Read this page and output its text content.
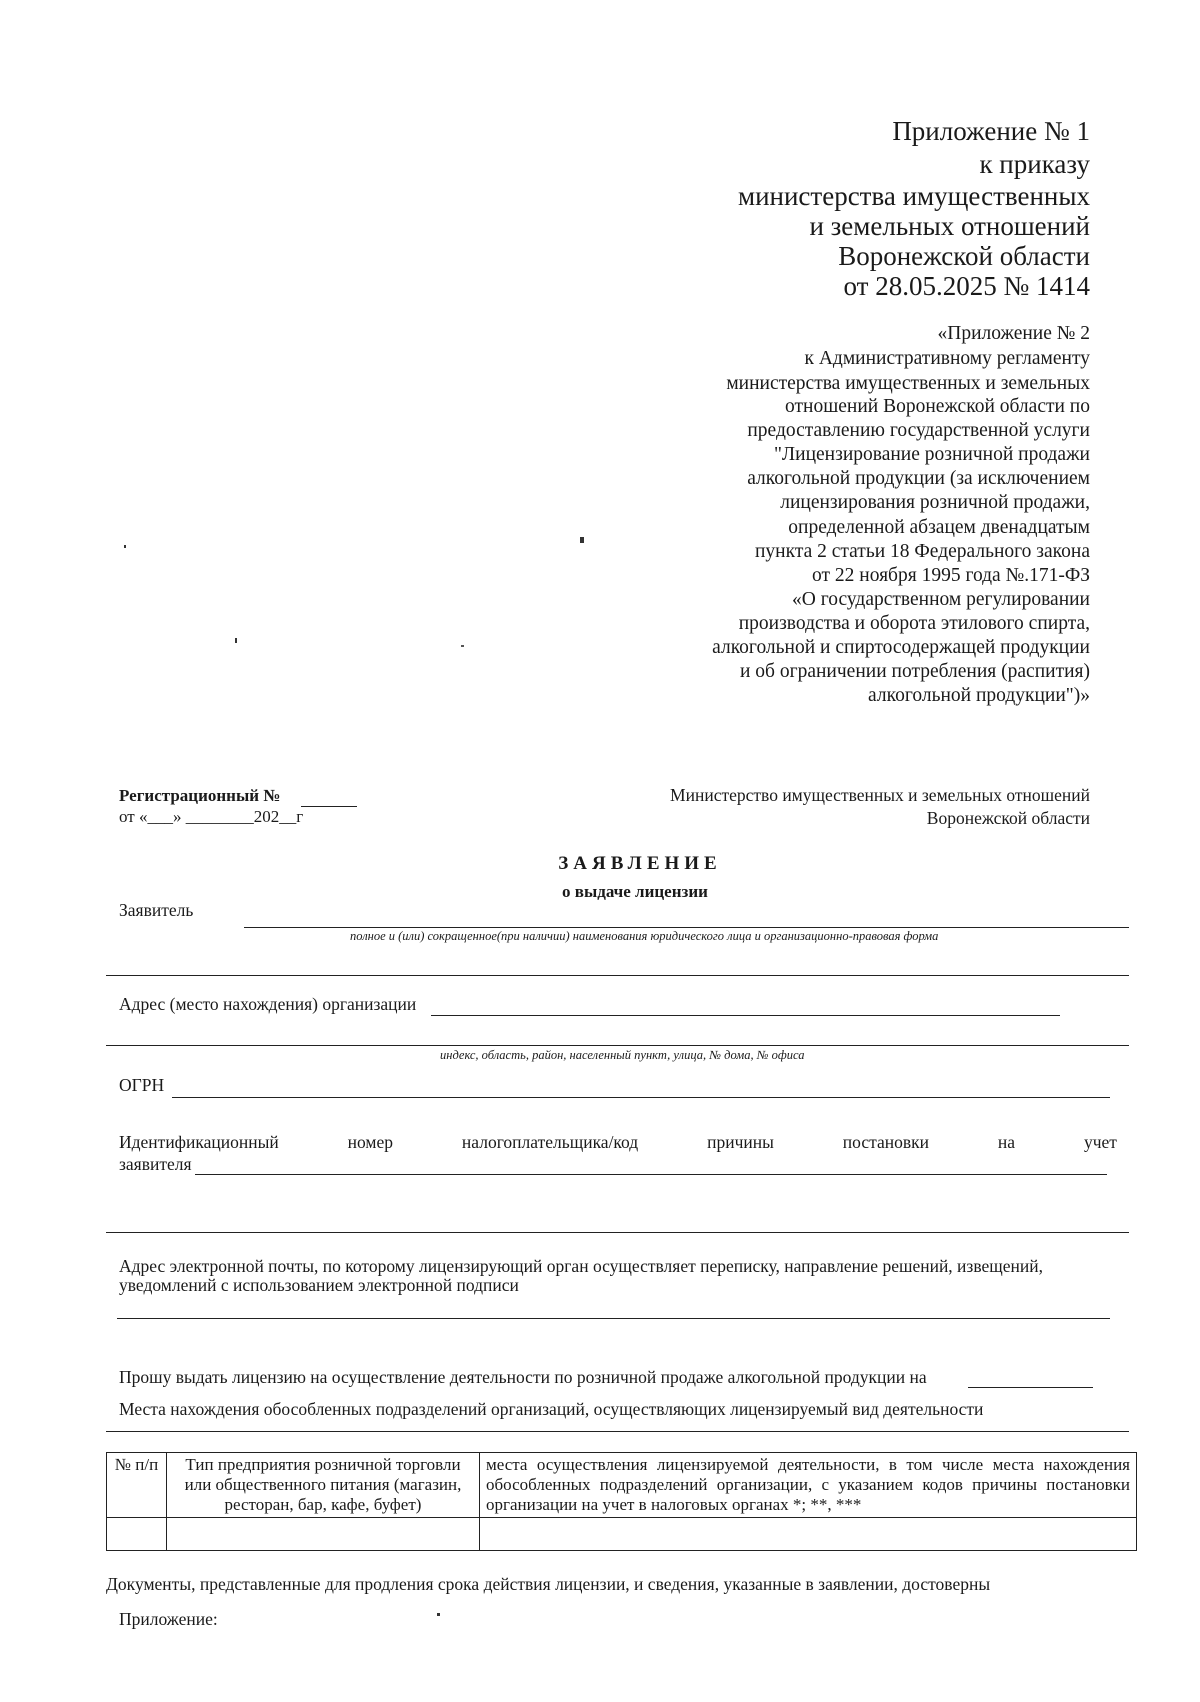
Приложение № 1
к приказу
министерства имущественных
и земельных отношений
Воронежской области
от 28.05.2025 № 1414
«Приложение № 2
к Административному регламенту
министерства имущественных и земельных
отношений Воронежской области по
предоставлению государственной услуги
"Лицензирование розничной продажи
алкогольной продукции (за исключением
лицензирования розничной продажи,
определенной абзацем двенадцатым
пункта 2 статьи 18 Федерального закона
от 22 ноября 1995 года №.171-ФЗ
«О государственном регулировании
производства и оборота этилового спирта,
алкогольной и спиртосодержащей продукции
и об ограничении потребления (распития)
алкогольной продукции")»
Регистрационный №
от «___» ________202__г
Министерство имущественных и земельных отношений
Воронежской области
ЗАЯВЛЕНИЕ
о выдаче лицензии
Заявитель
полное и (или) сокращенное(при наличии) наименования юридического лица и организационно-правовая форма
Адрес (место нахождения) организации
индекс, область, район, населенный пункт, улица, № дома, № офиса
ОГРН
Идентификационный	номер	налогоплательщика/код	причины	постановки	на	учет
заявителя
Адрес электронной почты, по которому лицензирующий орган осуществляет переписку, направление решений, извещений,
уведомлений с использованием электронной подписи
Прошу выдать лицензию на осуществление деятельности по розничной продаже алкогольной продукции на
Места нахождения обособленных подразделений организаций, осуществляющих лицензируемый вид деятельности
№ п/п	Тип предприятия розничной торговли или общественного питания (магазин, ресторан, бар, кафе, буфет)	места осуществления лицензируемой деятельности, в том числе места нахождения обособленных подразделений организации, с указанием кодов причины постановки организации на учет в налоговых органах *; **, ***

Документы, представленные для продления срока действия лицензии, и сведения, указанные в заявлении, достоверны
Приложение:
